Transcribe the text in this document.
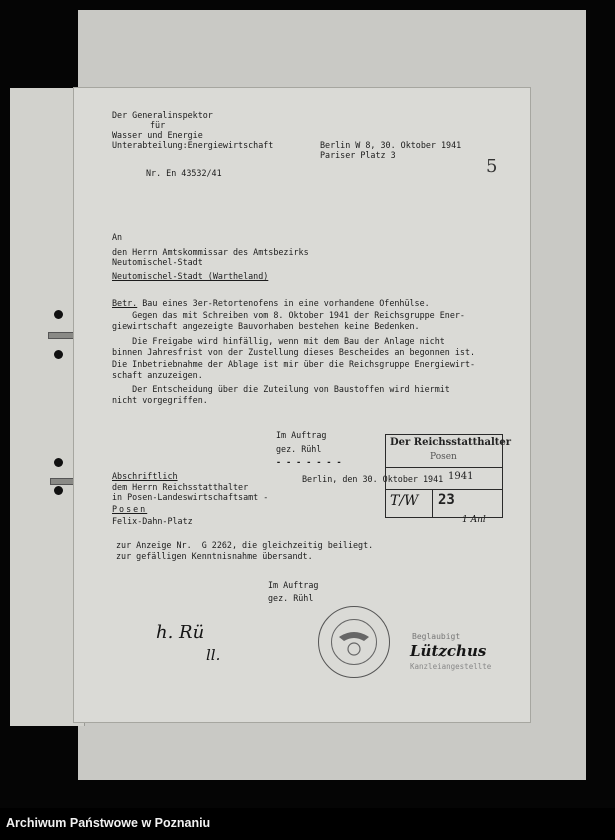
Der Generalinspektor
für
Wasser und Energie
Unterabteilung:Energiewirtschaft	Berlin W 8, 30. Oktober 1941
Pariser Platz 3
Nr. En 43532/41
An
den Herrn Amtskommissar des Amtsbezirks
Neutomischel-Stadt
Neutomischel-Stadt (Wartheland)
Betr. Bau eines 3er-Retortenofens in eine vorhandene Ofenhülse.
Gegen das mit Schreiben vom 8. Oktober 1941 der Reichsgruppe Ener-
giewirtschaft angezeigte Bauvorhaben bestehen keine Bedenken.
Die Freigabe wird hinfällig, wenn mit dem Bau der Anlage nicht
binnen Jahresfrist von der Zustellung dieses Bescheides an begonnen ist.
Die Inbetriebnahme der Ablage ist mir über die Reichsgruppe Energiewirt-
schaft anzuzeigen.
Der Entscheidung über die Zuteilung von Baustoffen wird hiermit
nicht vorgegriffen.
Im Auftrag
gez. Rühl
- - - - - - -
Abschriftlich	Berlin, den 30. Oktober 1941
dem Herrn Reichsstatthalter
in Posen-Landeswirtschaftsamt -
Posen
Felix-Dahn-Platz
zur Anzeige Nr.  G 2262, die gleichzeitig beiliegt.
zur gefälligen Kenntnisnahme übersandt.
Im Auftrag
gez. Rühl
h. Rü
ll.	Lützchus
1 Anl
Beglaubigt
Kanzleiangestellte
5
Der Reichsstatthalter
Posen
1941
T/W 23
Archiwum Państwowe w Poznaniu
